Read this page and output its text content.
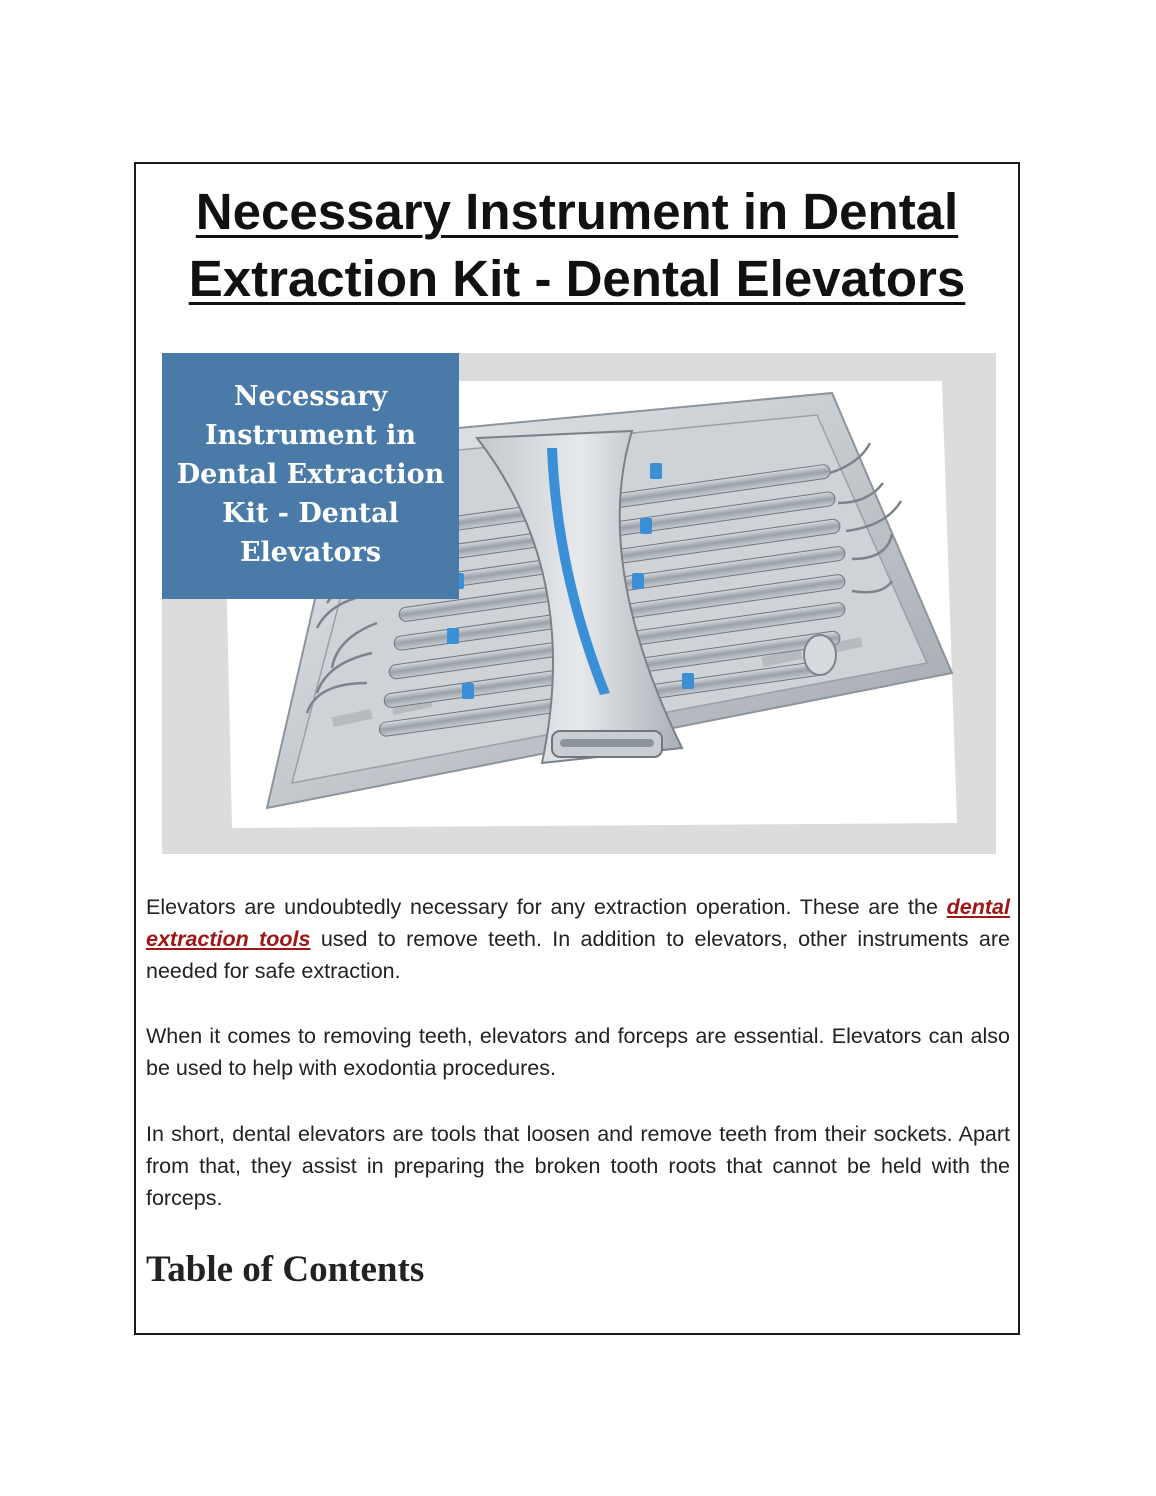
Necessary Instrument in Dental Extraction Kit - Dental Elevators
Necessary Instrument in Dental Extraction Kit - Dental Elevators

Elevators are undoubtedly necessary for any extraction operation. These are the dental extraction tools used to remove teeth. In addition to elevators, other instruments are needed for safe extraction.

When it comes to removing teeth, elevators and forceps are essential. Elevators can also be used to help with exodontia procedures.

In short, dental elevators are tools that loosen and remove teeth from their sockets. Apart from that, they assist in preparing the broken tooth roots that cannot be held with the forceps.

Table of Contents
